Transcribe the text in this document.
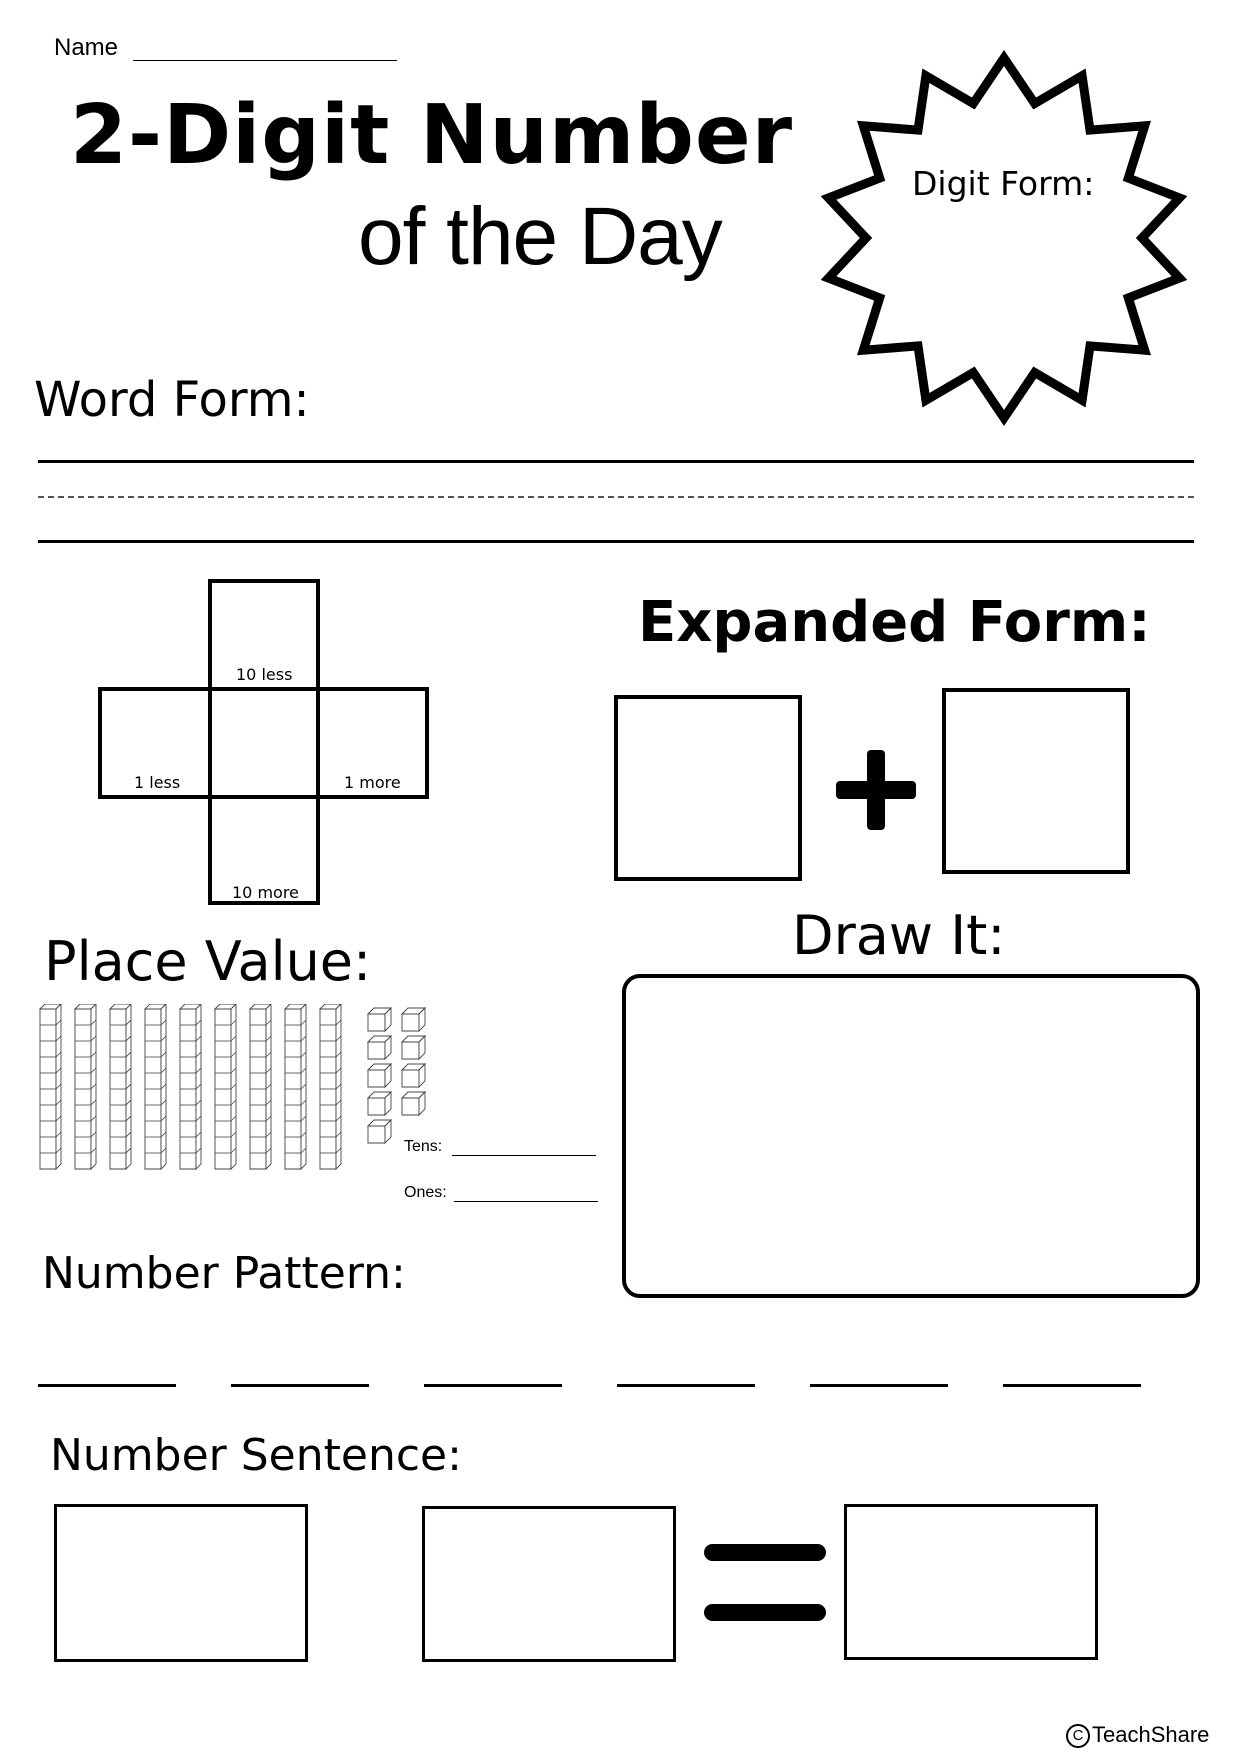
Name
2-Digit Number
of the Day
Digit Form:
Word Form:
10 less
1 less	1 more
10 more
Expanded Form:
Draw It:
Place Value:
Tens:
Ones:
Number Pattern:
Number Sentence:
C TeachShare
